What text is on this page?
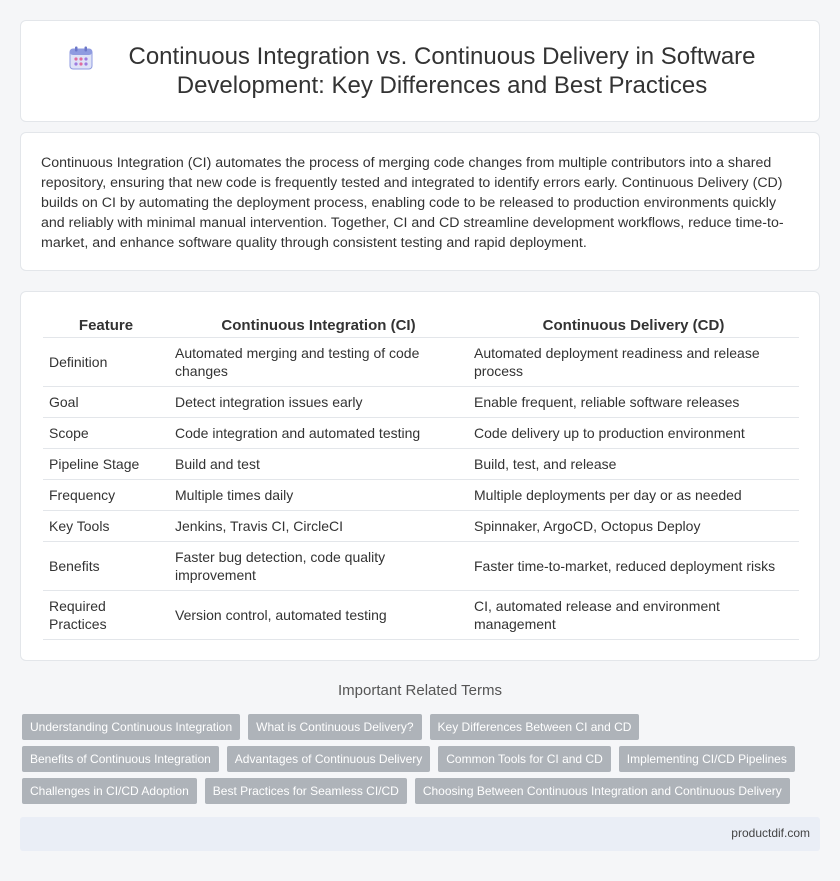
Continuous Integration vs. Continuous Delivery in Software Development: Key Differences and Best Practices

Continuous Integration (CI) automates the process of merging code changes from multiple contributors into a shared repository, ensuring that new code is frequently tested and integrated to identify errors early. Continuous Delivery (CD) builds on CI by automating the deployment process, enabling code to be released to production environments quickly and reliably with minimal manual intervention. Together, CI and CD streamline development workflows, reduce time-to-market, and enhance software quality through consistent testing and rapid deployment.

Feature	Continuous Integration (CI)	Continuous Delivery (CD)
Definition	Automated merging and testing of code changes	Automated deployment readiness and release process
Goal	Detect integration issues early	Enable frequent, reliable software releases
Scope	Code integration and automated testing	Code delivery up to production environment
Pipeline Stage	Build and test	Build, test, and release
Frequency	Multiple times daily	Multiple deployments per day or as needed
Key Tools	Jenkins, Travis CI, CircleCI	Spinnaker, ArgoCD, Octopus Deploy
Benefits	Faster bug detection, code quality improvement	Faster time-to-market, reduced deployment risks
Required Practices	Version control, automated testing	CI, automated release and environment management
Important Related Terms
Understanding Continuous Integration	What is Continuous Delivery?	Key Differences Between CI and CD
Benefits of Continuous Integration	Advantages of Continuous Delivery	Common Tools for CI and CD	Implementing CI/CD Pipelines
Challenges in CI/CD Adoption	Best Practices for Seamless CI/CD	Choosing Between Continuous Integration and Continuous Delivery
productdif.com
